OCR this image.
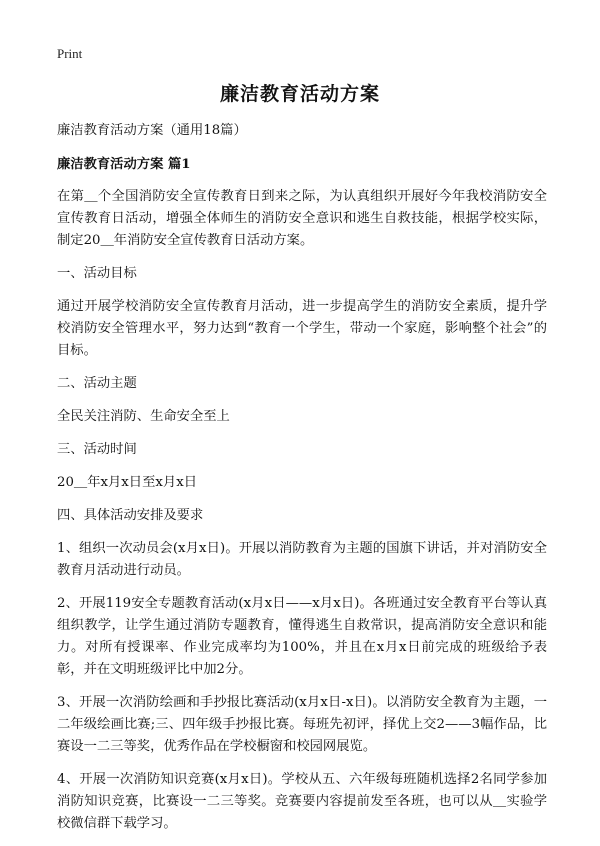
Print
廉洁教育活动方案

廉洁教育活动方案（通用18篇）

廉洁教育活动方案 篇1

在第＿个全国消防安全宣传教育日到来之际，为认真组织开展好今年我校消防安全宣传教育日活动，增强全体师生的消防安全意识和逃生自救技能，根据学校实际，制定20＿年消防安全宣传教育日活动方案。

一、活动目标

通过开展学校消防安全宣传教育月活动，进一步提高学生的消防安全素质，提升学校消防安全管理水平，努力达到“教育一个学生，带动一个家庭，影响整个社会”的目标。

二、活动主题

全民关注消防、生命安全至上

三、活动时间

20＿年x月x日至x月x日

四、具体活动安排及要求

1、组织一次动员会(x月x日)。开展以消防教育为主题的国旗下讲话，并对消防安全教育月活动进行动员。

2、开展119安全专题教育活动(x月x日——x月x日)。各班通过安全教育平台等认真组织教学，让学生通过消防专题教育，懂得逃生自救常识，提高消防安全意识和能力。对所有授课率、作业完成率均为100%，并且在x月x日前完成的班级给予表彰，并在文明班级评比中加2分。

3、开展一次消防绘画和手抄报比赛活动(x月x日-x日)。以消防安全教育为主题，一二年级绘画比赛;三、四年级手抄报比赛。每班先初评，择优上交2——3幅作品，比赛设一二三等奖，优秀作品在学校橱窗和校园网展览。

4、开展一次消防知识竞赛(x月x日)。学校从五、六年级每班随机选择2名同学参加消防知识竞赛，比赛设一二三等奖。竞赛要内容提前发至各班，也可以从＿实验学校微信群下载学习。
